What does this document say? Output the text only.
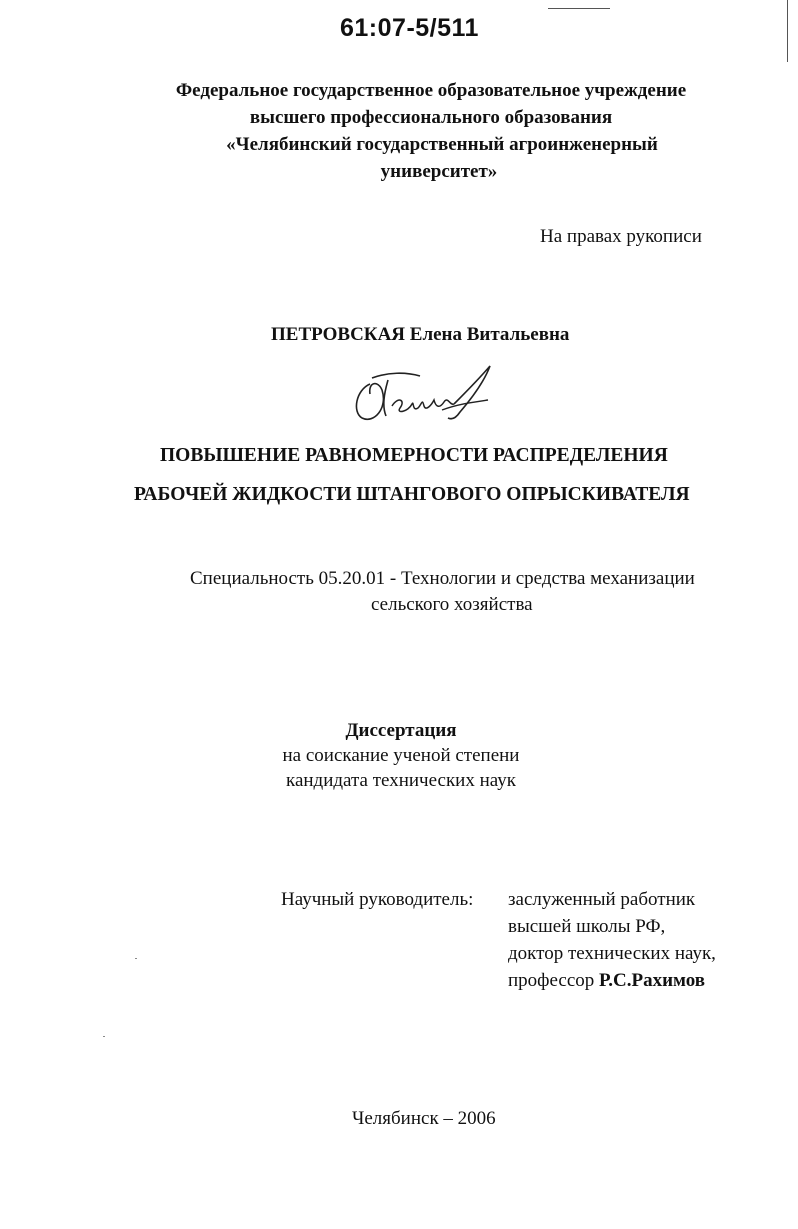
61:07-5/511
Федеральное государственное образовательное учреждение
высшего профессионального образования
«Челябинский государственный агроинженерный
университет»
На правах рукописи
ПЕТРОВСКАЯ Елена Витальевна
ПОВЫШЕНИЕ РАВНОМЕРНОСТИ РАСПРЕДЕЛЕНИЯ
РАБОЧЕЙ ЖИДКОСТИ ШТАНГОВОГО ОПРЫСКИВАТЕЛЯ
Специальность 05.20.01 - Технологии и средства механизации
сельского хозяйства
Диссертация
на соискание ученой степени
кандидата технических наук
Научный руководитель: заслуженный работник
высшей школы РФ,
доктор технических наук,
профессор Р.С.Рахимов
Челябинск – 2006
